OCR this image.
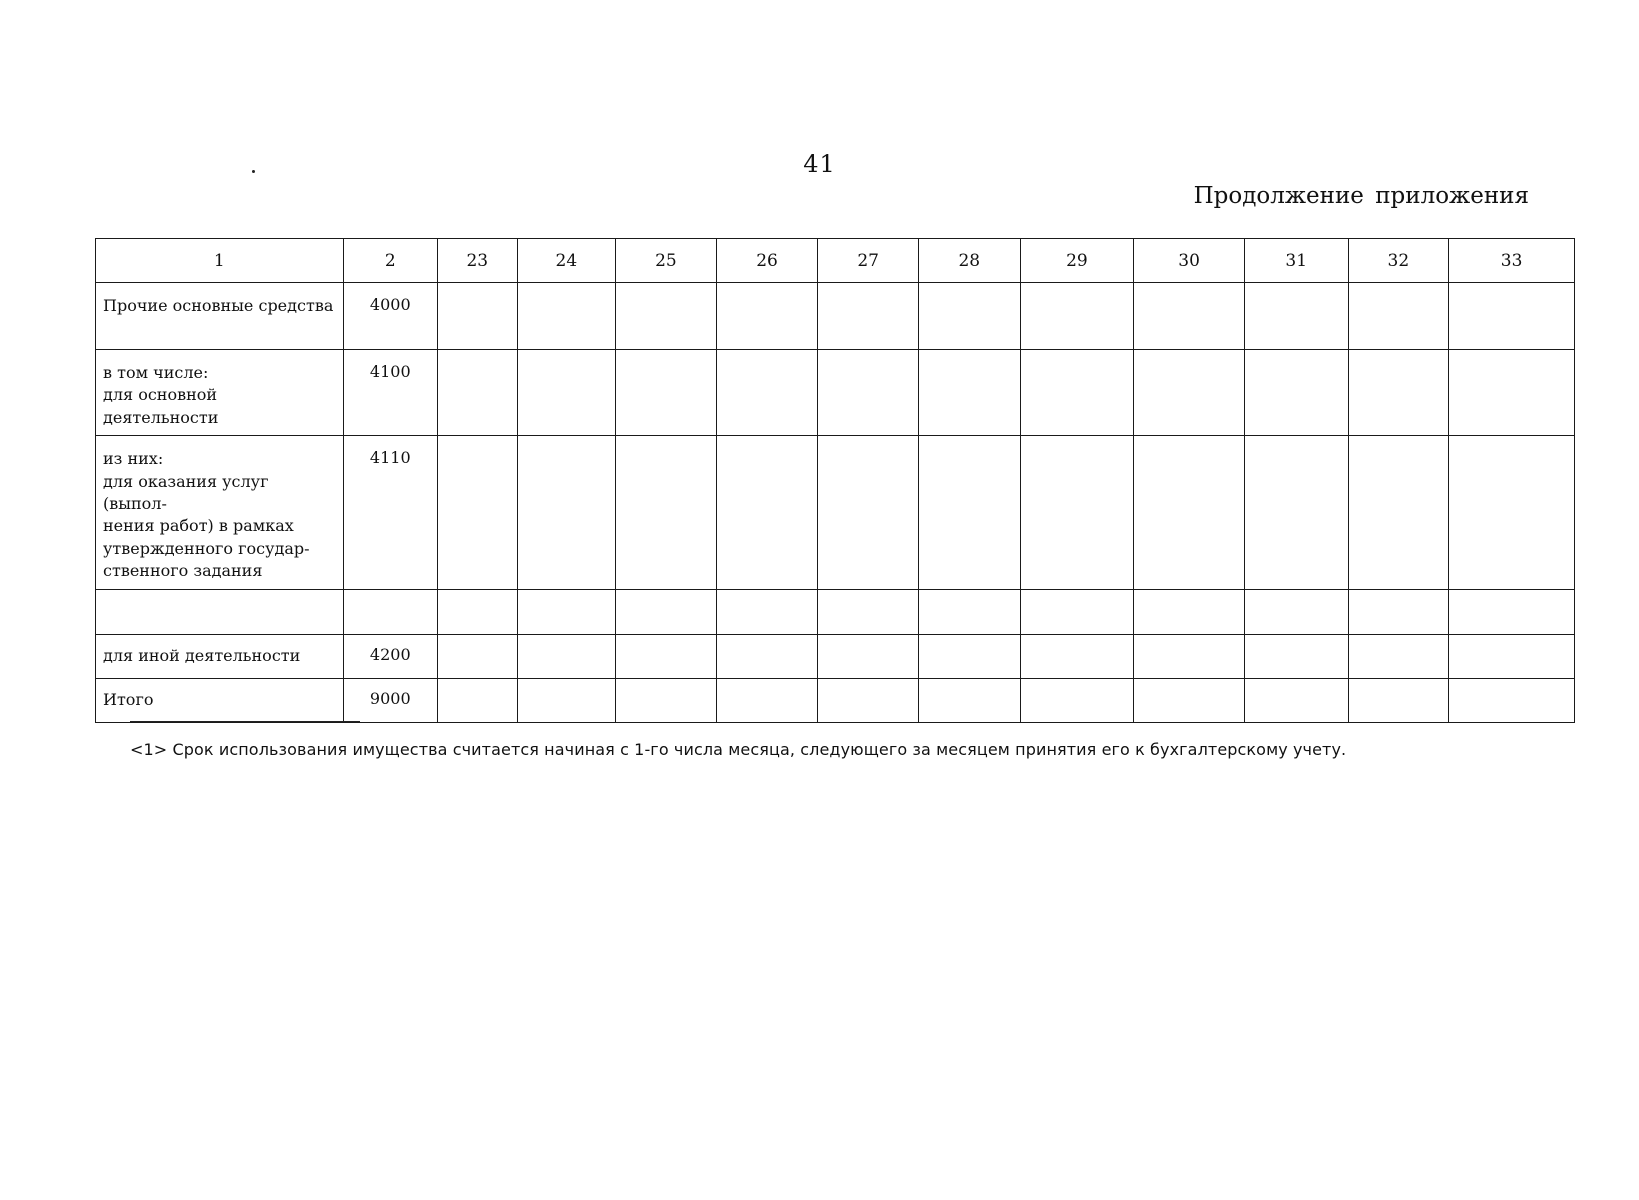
41
Продолжение приложения
1	2	23	24	25	26	27	28	29	30	31	32	33

Прочие основные средства	4000											

в том числе:
для основной деятельности	4100											

из них:
для оказания услуг (выпол-
нения работ) в рамках
утвержденного государ-
ственного задания	4110											

для иной деятельности	4200											

Итого	9000											

<1> Срок использования имущества считается начиная с 1-го числа месяца, следующего за месяцем принятия его к бухгалтерскому учету.
